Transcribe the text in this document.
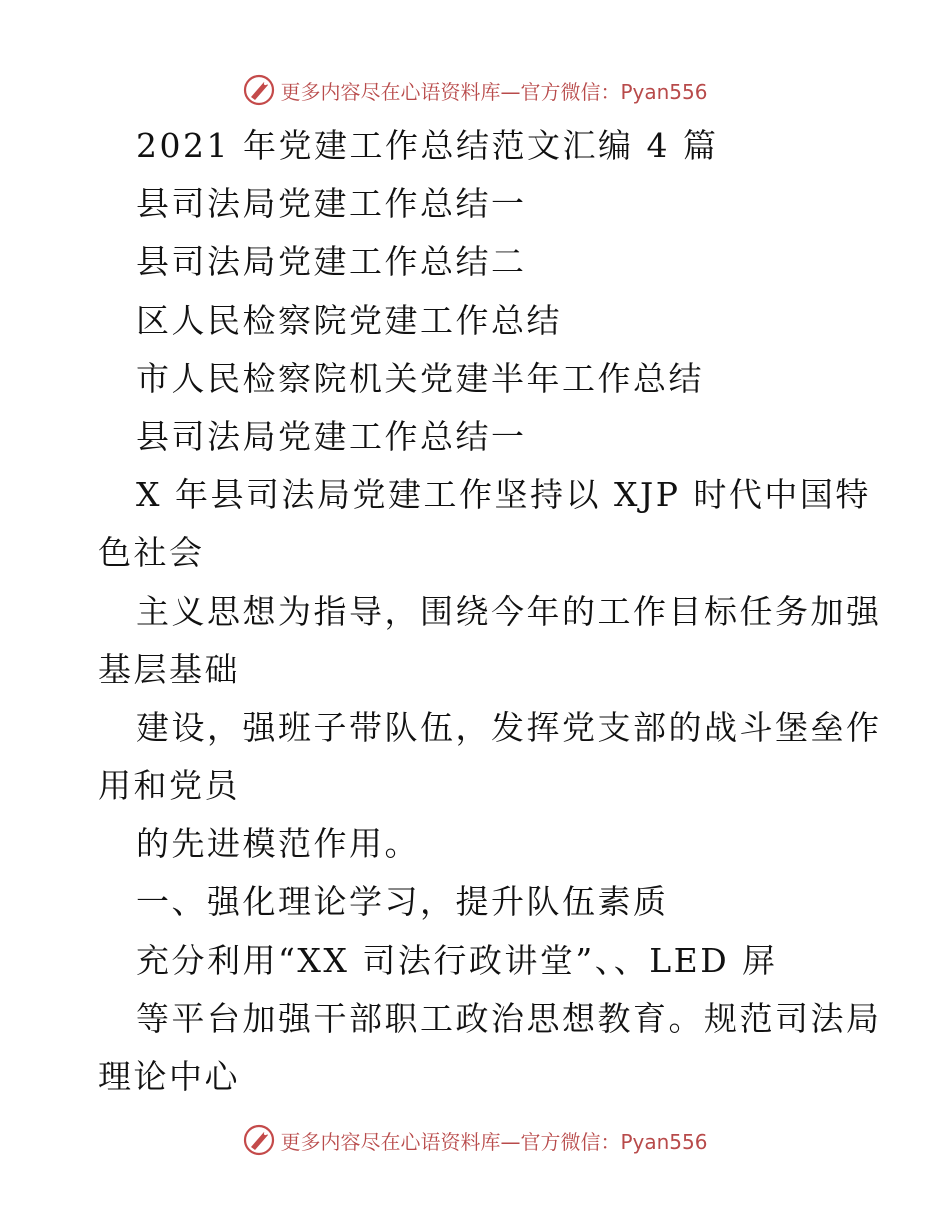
更多内容尽在心语资料库—官方微信：Pyan556
2021 年党建工作总结范文汇编 4 篇
县司法局党建工作总结一
县司法局党建工作总结二
区人民检察院党建工作总结
市人民检察院机关党建半年工作总结
县司法局党建工作总结一
X 年县司法局党建工作坚持以 XJP 时代中国特
色社会
主义思想为指导，围绕今年的工作目标任务加强
基层基础
建设，强班子带队伍，发挥党支部的战斗堡垒作
用和党员
的先进模范作用。
一、强化理论学习，提升队伍素质
充分利用“XX 司法行政讲堂”、、LED 屏
等平台加强干部职工政治思想教育。规范司法局
理论中心
更多内容尽在心语资料库—官方微信：Pyan556
